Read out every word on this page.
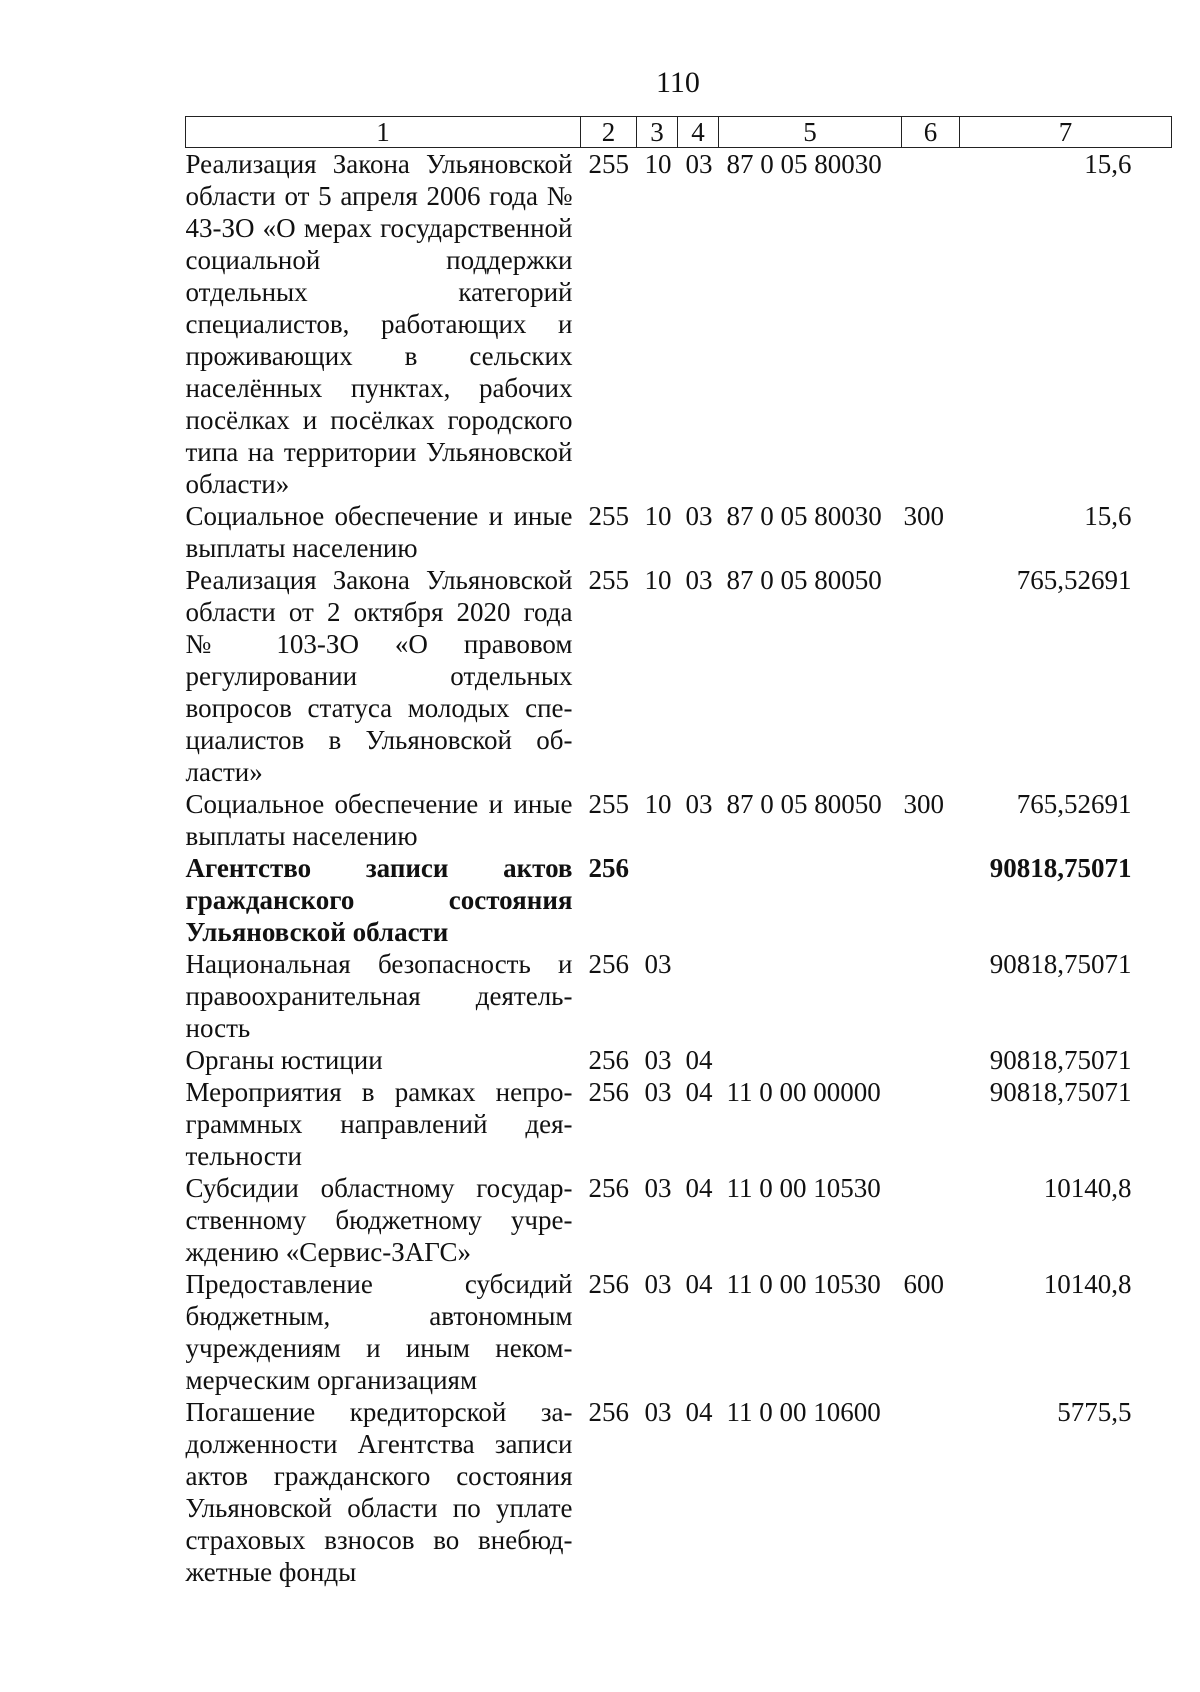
110
1	2	3	4	5	6	7
Реализация Закона Ульяновской области от 5 апреля 2006 года № 43-ЗО «О мерах государственной социальной поддержки отдельных категорий специалистов, работающих и проживающих в сельских населённых пунктах, рабочих посёлках и посёлках городского типа на территории Ульяновской области»	255	10	03	87 0 05 80030		15,6
Социальное обеспечение и иные выплаты населению	255	10	03	87 0 05 80030	300	15,6
Реализация Закона Ульяновской области от 2 октября 2020 года № 103-ЗО «О правовом регулировании отдельных вопросов статуса молодых специалистов в Ульяновской области»	255	10	03	87 0 05 80050		765,52691
Социальное обеспечение и иные выплаты населению	255	10	03	87 0 05 80050	300	765,52691
Агентство записи актов гражданского состояния Ульяновской области	256					90818,75071
Национальная безопасность и правоохранительная деятельность	256	03				90818,75071
Органы юстиции	256	03	04			90818,75071
Мероприятия в рамках непрограммных направлений деятельности	256	03	04	11 0 00 00000		90818,75071
Субсидии областному государственному бюджетному учреждению «Сервис-ЗАГС»	256	03	04	11 0 00 10530		10140,8
Предоставление субсидий бюджетным, автономным учреждениям и иным некоммерческим организациям	256	03	04	11 0 00 10530	600	10140,8
Погашение кредиторской задолженности Агентства записи актов гражданского состояния Ульяновской области по уплате страховых взносов во внебюджетные фонды	256	03	04	11 0 00 10600		5775,5
